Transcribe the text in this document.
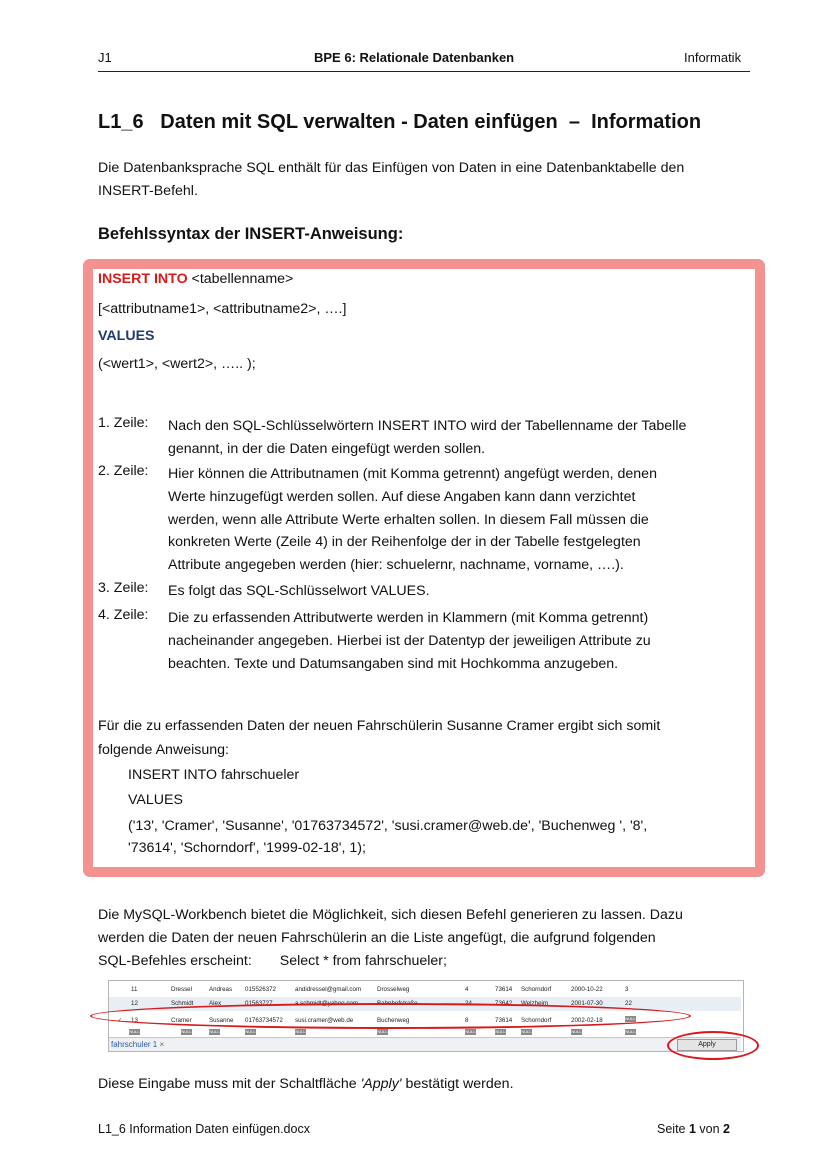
J1	BPE 6: Relationale Datenbanken	Informatik
L1_6   Daten mit SQL verwalten - Daten einfügen  –  Information
Die Datenbanksprache SQL enthält für das Einfügen von Daten in eine Datenbanktabelle den
INSERT-Befehl.
Befehlssyntax der INSERT-Anweisung:
INSERT INTO <tabellenname>
[<attributname1>, <attributname2>, ….]
VALUES
(<wert1>, <wert2>, ….. );
1. Zeile: Nach den SQL-Schlüsselwörtern INSERT INTO wird der Tabellenname der Tabelle
genannt, in der die Daten eingefügt werden sollen.
2. Zeile: Hier können die Attributnamen (mit Komma getrennt) angefügt werden, denen
Werte hinzugefügt werden sollen. Auf diese Angaben kann dann verzichtet
werden, wenn alle Attribute Werte erhalten sollen. In diesem Fall müssen die
konkreten Werte (Zeile 4) in der Reihenfolge der in der Tabelle festgelegten
Attribute angegeben werden (hier: schuelernr, nachname, vorname, ….).
3. Zeile: Es folgt das SQL-Schlüsselwort VALUES.
4. Zeile: Die zu erfassenden Attributwerte werden in Klammern (mit Komma getrennt)
nacheinander angegeben. Hierbei ist der Datentyp der jeweiligen Attribute zu
beachten. Texte und Datumsangaben sind mit Hochkomma anzugeben.
Für die zu erfassenden Daten der neuen Fahrschülerin Susanne Cramer ergibt sich somit
folgende Anweisung:
INSERT INTO fahrschueler
VALUES
('13', 'Cramer', 'Susanne', '01763734572', 'susi.cramer@web.de', 'Buchenweg ', '8',
'73614', 'Schorndorf', '1999-02-18', 1);
Die MySQL-Workbench bietet die Möglichkeit, sich diesen Befehl generieren zu lassen. Dazu
werden die Daten der neuen Fahrschülerin an die Liste angefügt, die aufgrund folgenden
SQL-Befehles erscheint: Select * from fahrschueler;
11	Dressel	Andreas 015526372	andidressel@gmail.com	Drosselweg	4	73614 Schorndorf	2000-10-22	3
12	Schmidt	Alex	01563727	a.schmidt@yahoo.com	Bahnhofstraße	24	73642 Welzheim	2001-07-30	22
✓ 13	Cramer	Susanne 01763734572 susi.cramer@web.de	Buchenweg	8	73614 Schorndorf	2002-02-18	NULL
NULL	NULL	NULL	NULL	NULL	NULL	NULL	NULL	NULL	NULL	NULL
fahrschuler 1 ×	Apply
Diese Eingabe muss mit der Schaltfläche 'Apply' bestätigt werden.
L1_6 Information Daten einfügen.docx	Seite 1 von 2
